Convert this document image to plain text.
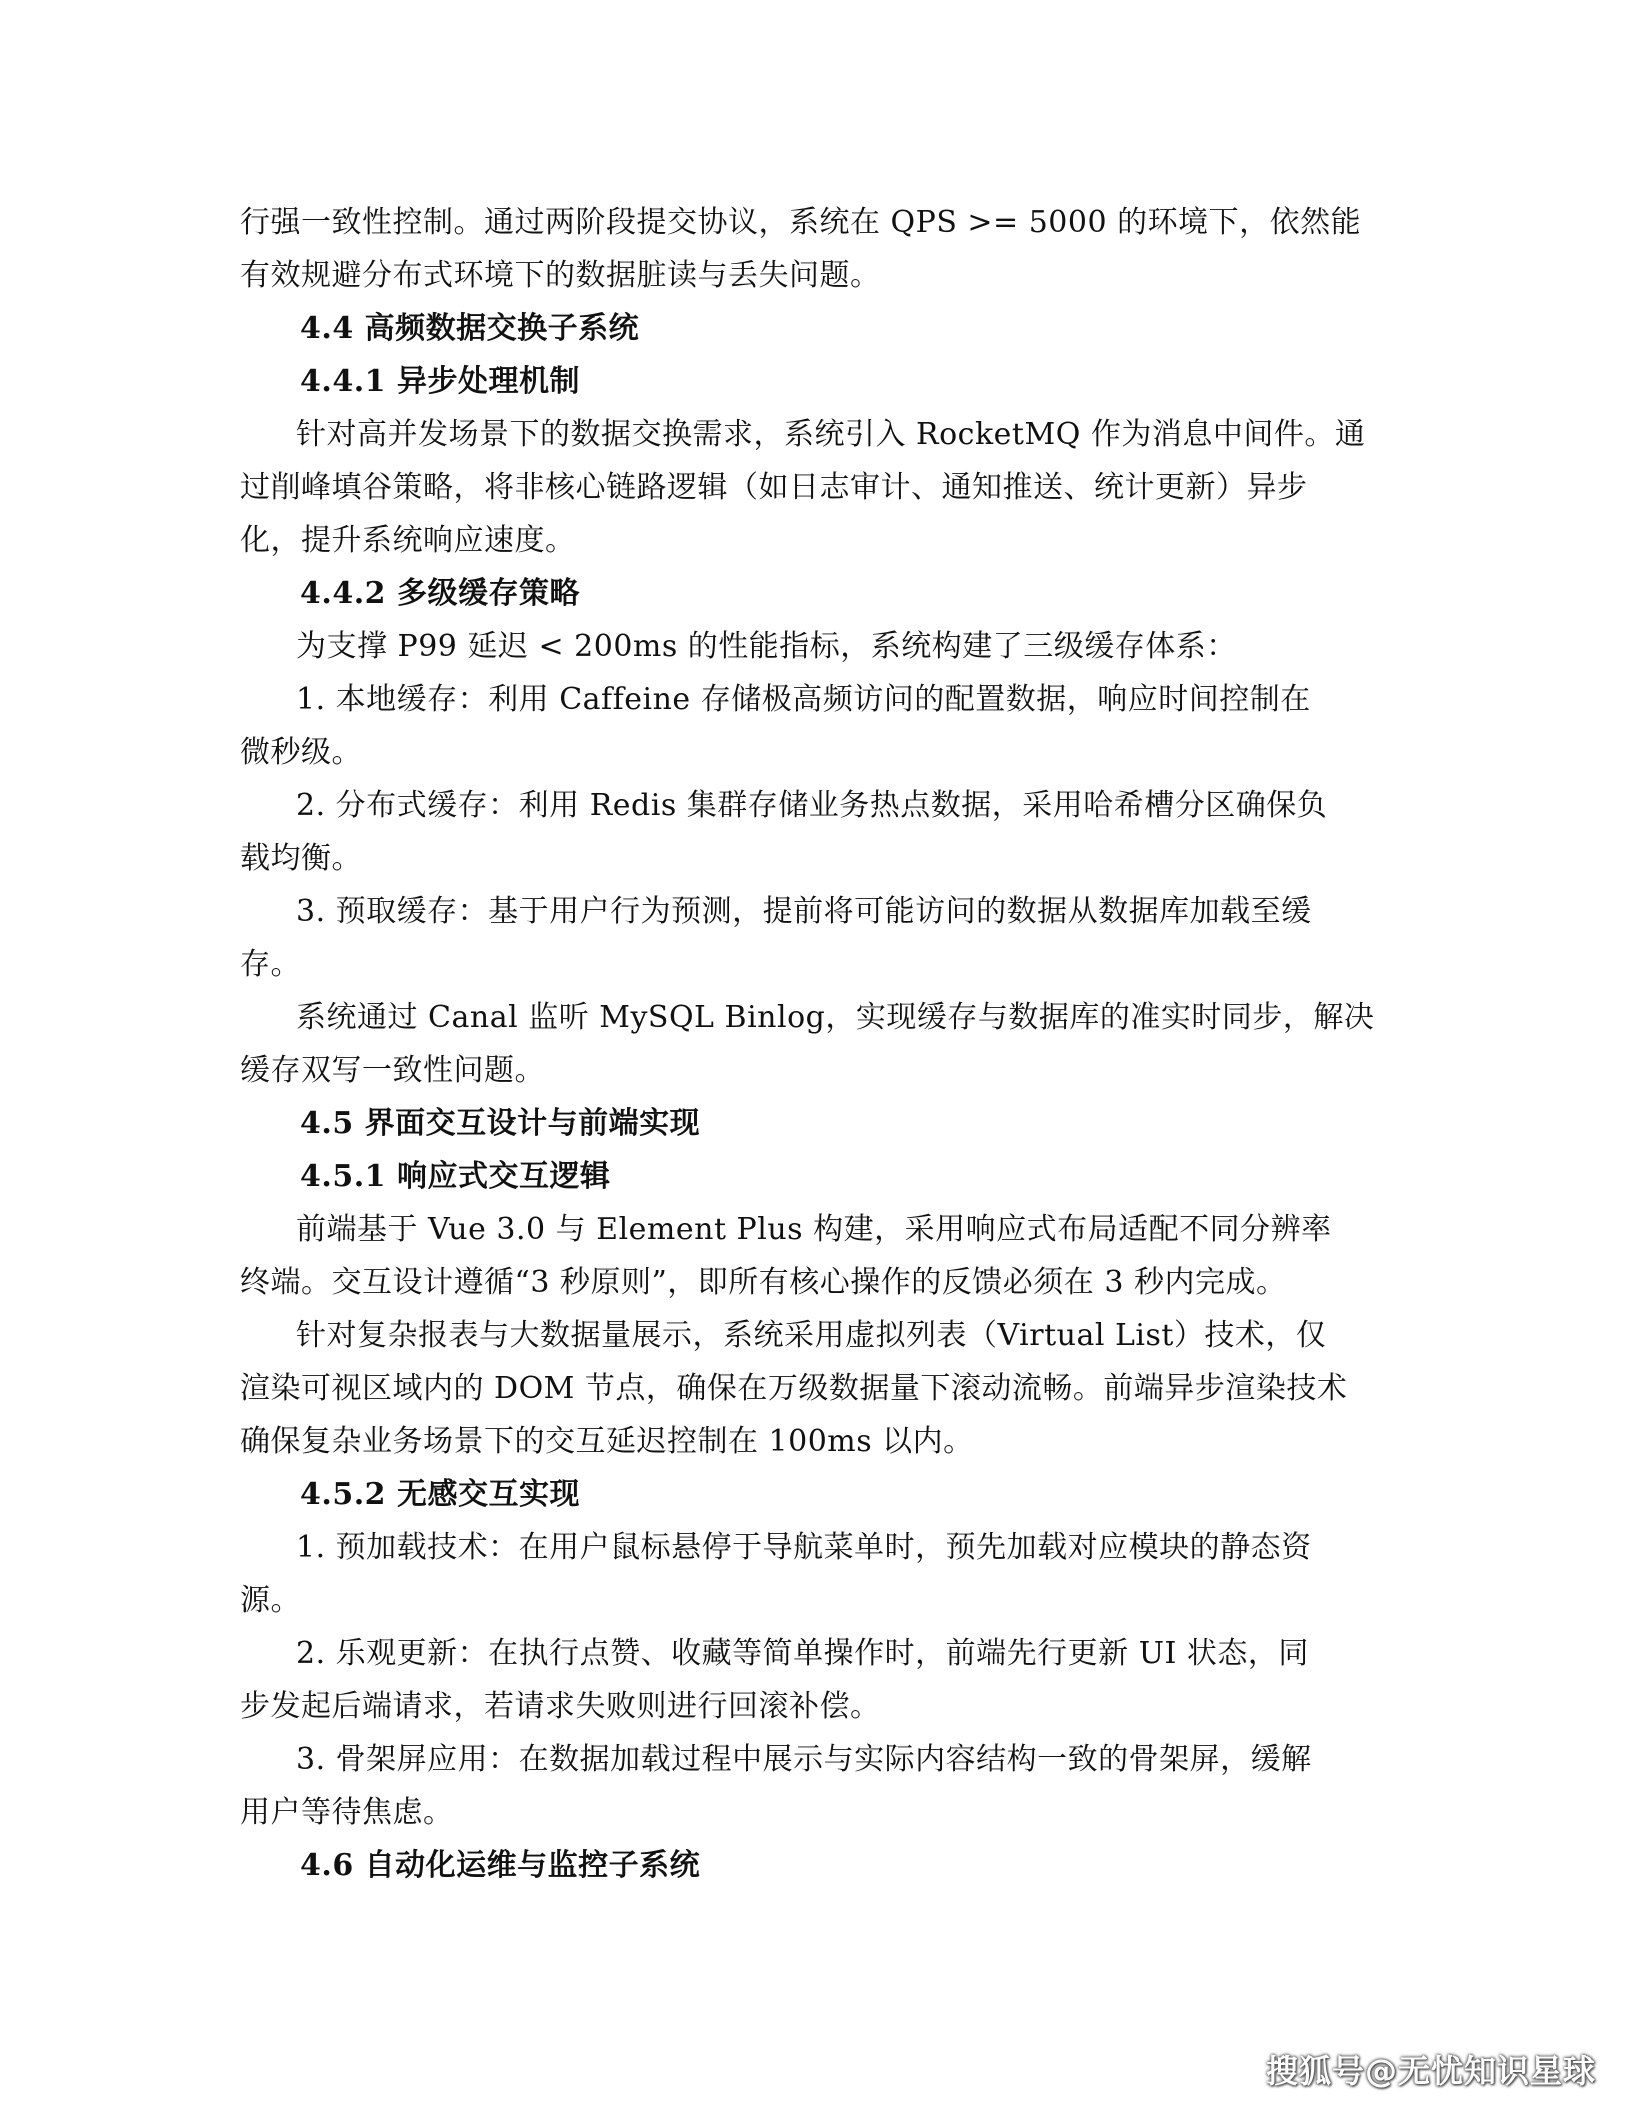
行强一致性控制。通过两阶段提交协议，系统在 QPS >= 5000 的环境下，依然能
有效规避分布式环境下的数据脏读与丢失问题。
4.4 高频数据交换子系统
4.4.1 异步处理机制
针对高并发场景下的数据交换需求，系统引入 RocketMQ 作为消息中间件。通
过削峰填谷策略，将非核心链路逻辑（如日志审计、通知推送、统计更新）异步
化，提升系统响应速度。
4.4.2 多级缓存策略
为支撑 P99 延迟 < 200ms 的性能指标，系统构建了三级缓存体系：
1. 本地缓存：利用 Caffeine 存储极高频访问的配置数据，响应时间控制在
微秒级。
2. 分布式缓存：利用 Redis 集群存储业务热点数据，采用哈希槽分区确保负
载均衡。
3. 预取缓存：基于用户行为预测，提前将可能访问的数据从数据库加载至缓
存。
系统通过 Canal 监听 MySQL Binlog，实现缓存与数据库的准实时同步，解决
缓存双写一致性问题。
4.5 界面交互设计与前端实现
4.5.1 响应式交互逻辑
前端基于 Vue 3.0 与 Element Plus 构建，采用响应式布局适配不同分辨率
终端。交互设计遵循“3 秒原则”，即所有核心操作的反馈必须在 3 秒内完成。
针对复杂报表与大数据量展示，系统采用虚拟列表（Virtual List）技术，仅
渲染可视区域内的 DOM 节点，确保在万级数据量下滚动流畅。前端异步渲染技术
确保复杂业务场景下的交互延迟控制在 100ms 以内。
4.5.2 无感交互实现
1. 预加载技术：在用户鼠标悬停于导航菜单时，预先加载对应模块的静态资
源。
2. 乐观更新：在执行点赞、收藏等简单操作时，前端先行更新 UI 状态，同
步发起后端请求，若请求失败则进行回滚补偿。
3. 骨架屏应用：在数据加载过程中展示与实际内容结构一致的骨架屏，缓解
用户等待焦虑。
4.6 自动化运维与监控子系统
搜狐号@无忧知识星球
